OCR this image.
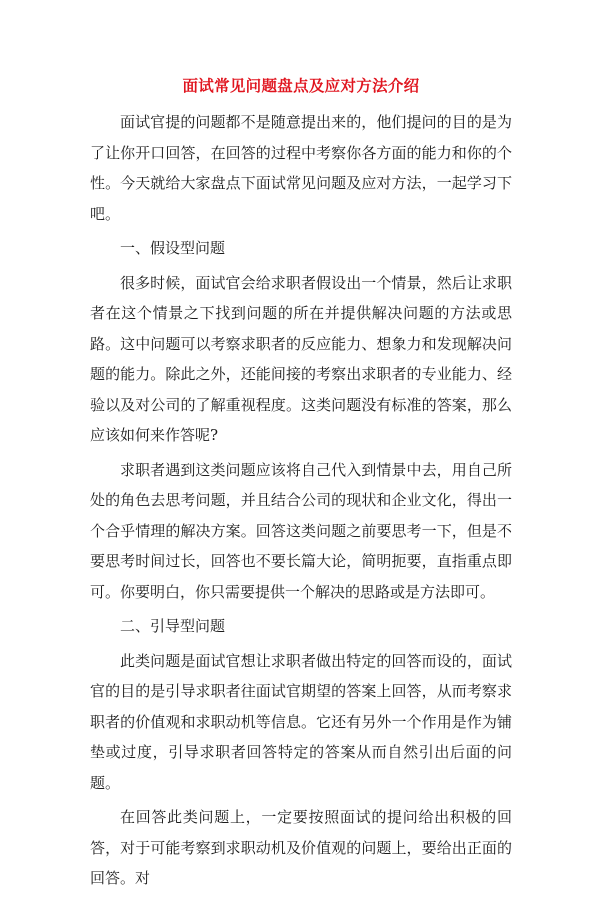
面试常见问题盘点及应对方法介绍

面试官提的问题都不是随意提出来的，他们提问的目的是为了让你开口回答，在回答的过程中考察你各方面的能力和你的个性。今天就给大家盘点下面试常见问题及应对方法，一起学习下吧。

一、假设型问题

很多时候，面试官会给求职者假设出一个情景，然后让求职者在这个情景之下找到问题的所在并提供解决问题的方法或思路。这中问题可以考察求职者的反应能力、想象力和发现解决问题的能力。除此之外，还能间接的考察出求职者的专业能力、经验以及对公司的了解重视程度。这类问题没有标准的答案，那么应该如何来作答呢?

求职者遇到这类问题应该将自己代入到情景中去，用自己所处的角色去思考问题，并且结合公司的现状和企业文化，得出一个合乎情理的解决方案。回答这类问题之前要思考一下，但是不要思考时间过长，回答也不要长篇大论，简明扼要，直指重点即可。你要明白，你只需要提供一个解决的思路或是方法即可。

二、引导型问题

此类问题是面试官想让求职者做出特定的回答而设的，面试官的目的是引导求职者往面试官期望的答案上回答，从而考察求职者的价值观和求职动机等信息。它还有另外一个作用是作为铺垫或过度，引导求职者回答特定的答案从而自然引出后面的问题。

在回答此类问题上，一定要按照面试的提问给出积极的回答，对于可能考察到求职动机及价值观的问题上，要给出正面的回答。对
